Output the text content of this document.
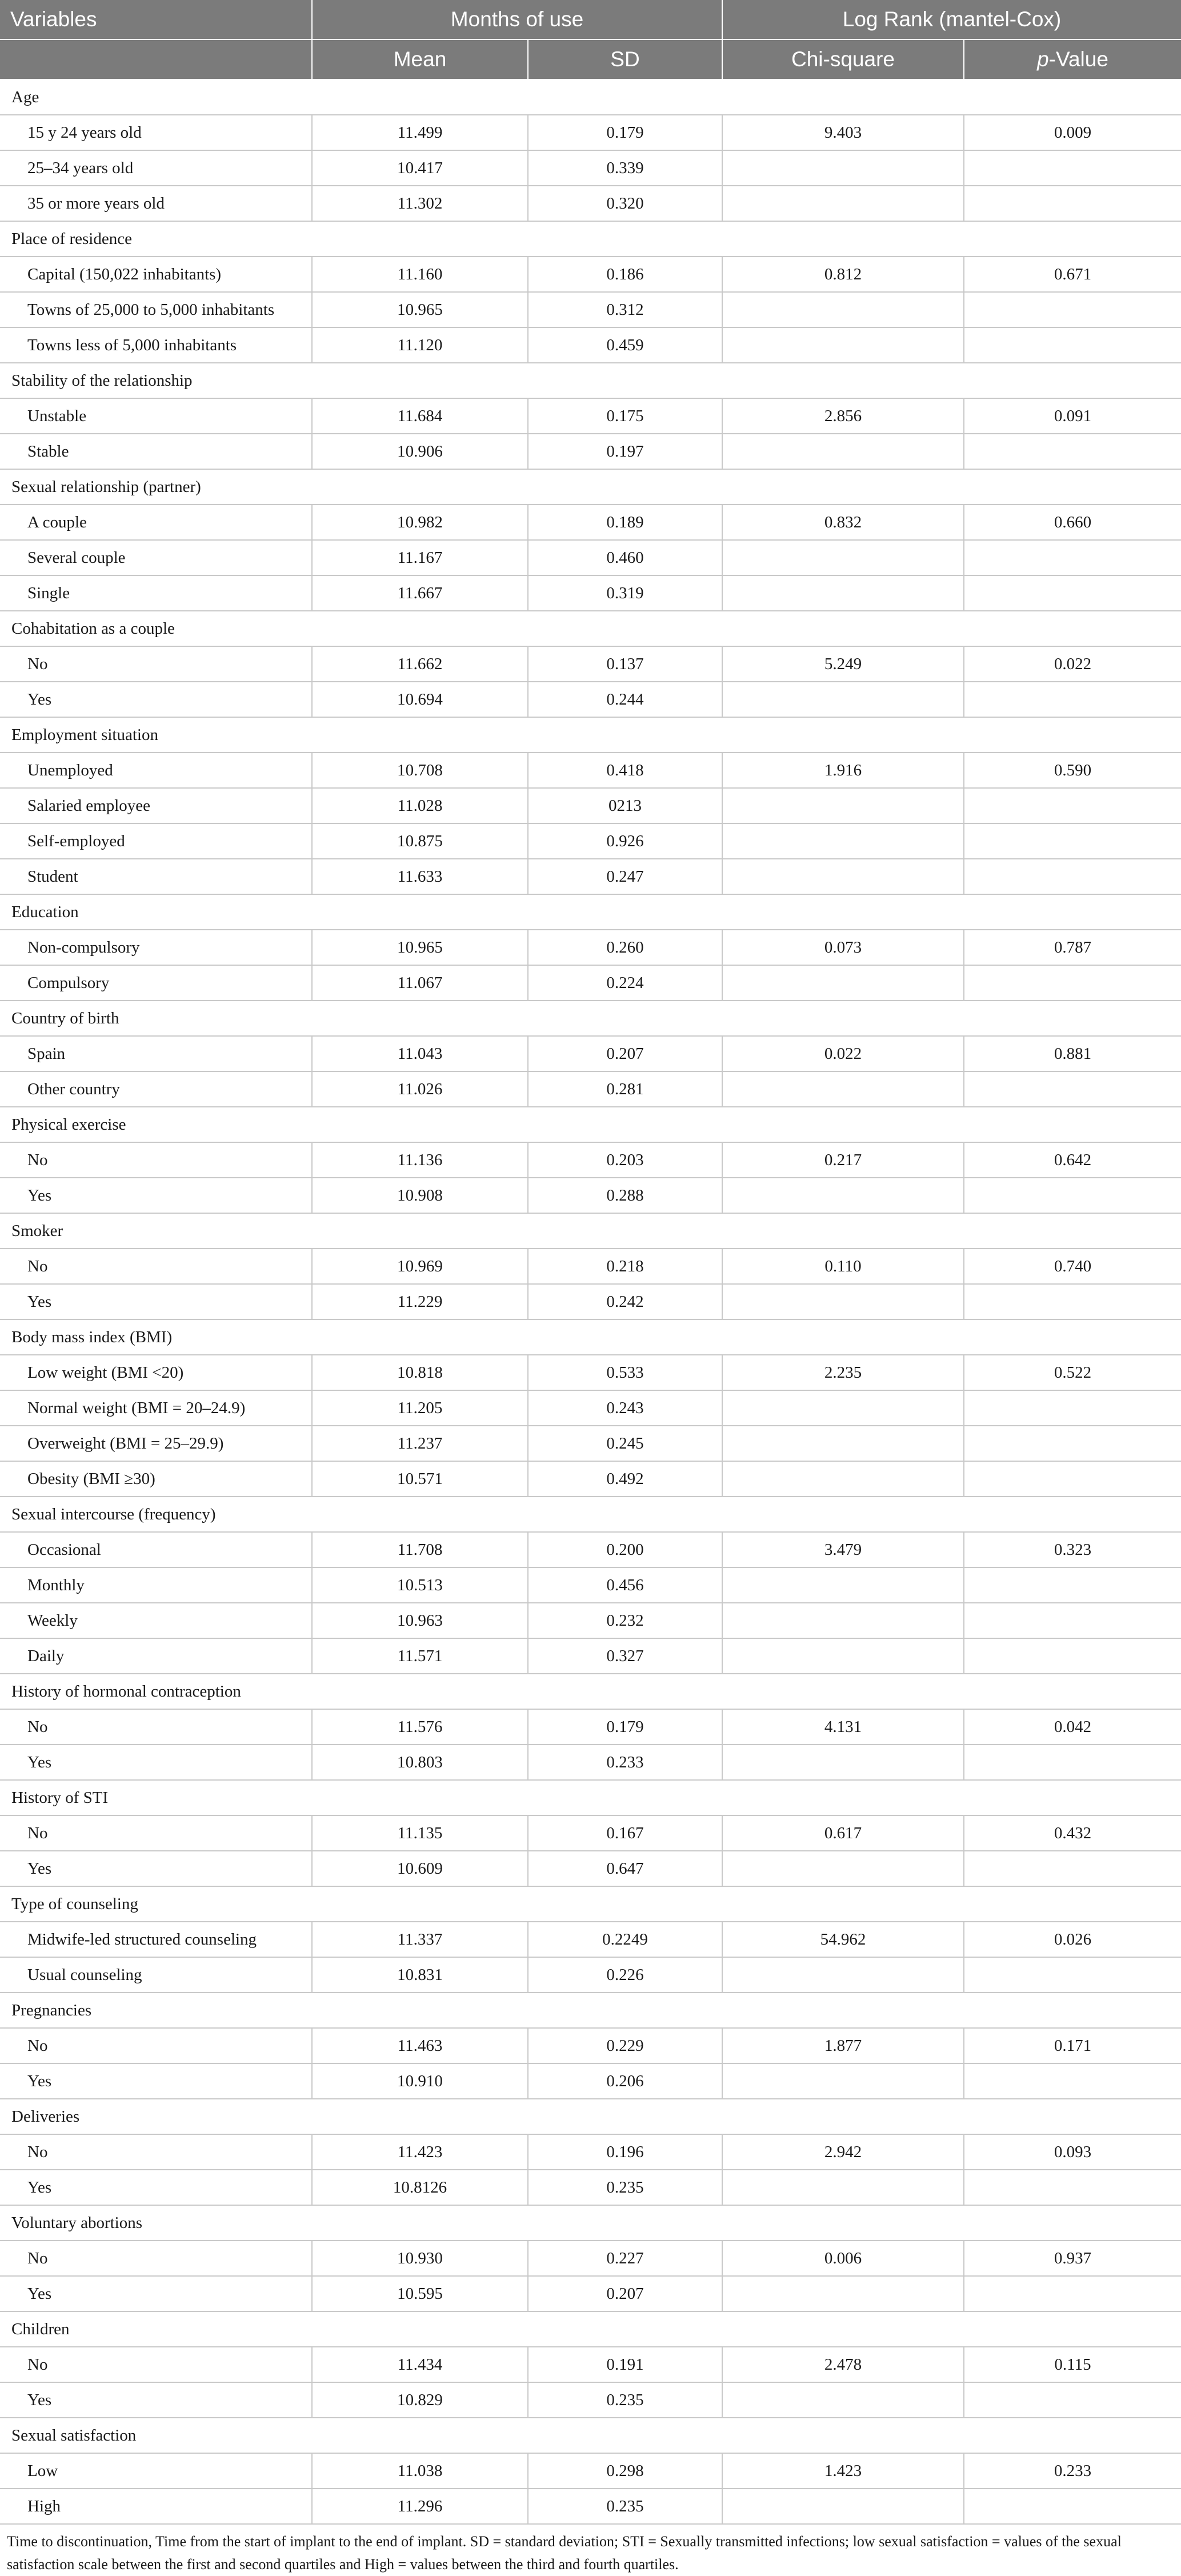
Variables	Months of use		Log Rank (mantel-Cox)	
	Mean	SD	Chi-square	p-Value
Age				
15 y 24 years old	11.499	0.179	9.403	0.009
25–34 years old	10.417	0.339		
35 or more years old	11.302	0.320		
Place of residence				
Capital (150,022 inhabitants)	11.160	0.186	0.812	0.671
Towns of 25,000 to 5,000 inhabitants	10.965	0.312		
Towns less of 5,000 inhabitants	11.120	0.459		
Stability of the relationship				
Unstable	11.684	0.175	2.856	0.091
Stable	10.906	0.197		
Sexual relationship (partner)				
A couple	10.982	0.189	0.832	0.660
Several couple	11.167	0.460		
Single	11.667	0.319		
Cohabitation as a couple				
No	11.662	0.137	5.249	0.022
Yes	10.694	0.244		
Employment situation				
Unemployed	10.708	0.418	1.916	0.590
Salaried employee	11.028	0213		
Self-employed	10.875	0.926		
Student	11.633	0.247		
Education				
Non-compulsory	10.965	0.260	0.073	0.787
Compulsory	11.067	0.224		
Country of birth				
Spain	11.043	0.207	0.022	0.881
Other country	11.026	0.281		
Physical exercise				
No	11.136	0.203	0.217	0.642
Yes	10.908	0.288		
Smoker				
No	10.969	0.218	0.110	0.740
Yes	11.229	0.242		
Body mass index (BMI)				
Low weight (BMI <20)	10.818	0.533	2.235	0.522
Normal weight (BMI = 20–24.9)	11.205	0.243		
Overweight (BMI = 25–29.9)	11.237	0.245		
Obesity (BMI ≥30)	10.571	0.492		
Sexual intercourse (frequency)				
Occasional	11.708	0.200	3.479	0.323
Monthly	10.513	0.456		
Weekly	10.963	0.232		
Daily	11.571	0.327		
History of hormonal contraception				
No	11.576	0.179	4.131	0.042
Yes	10.803	0.233		
History of STI				
No	11.135	0.167	0.617	0.432
Yes	10.609	0.647		
Type of counseling				
Midwife-led structured counseling	11.337	0.2249	54.962	0.026
Usual counseling	10.831	0.226		
Pregnancies				
No	11.463	0.229	1.877	0.171
Yes	10.910	0.206		
Deliveries				
No	11.423	0.196	2.942	0.093
Yes	10.8126	0.235		
Voluntary abortions				
No	10.930	0.227	0.006	0.937
Yes	10.595	0.207		
Children				
No	11.434	0.191	2.478	0.115
Yes	10.829	0.235		
Sexual satisfaction				
Low	11.038	0.298	1.423	0.233
High	11.296	0.235		
Time to discontinuation, Time from the start of implant to the end of implant. SD = standard deviation; STI = Sexually transmitted infections; low sexual satisfaction = values of the sexual satisfaction scale between the first and second quartiles and High = values between the third and fourth quartiles.
